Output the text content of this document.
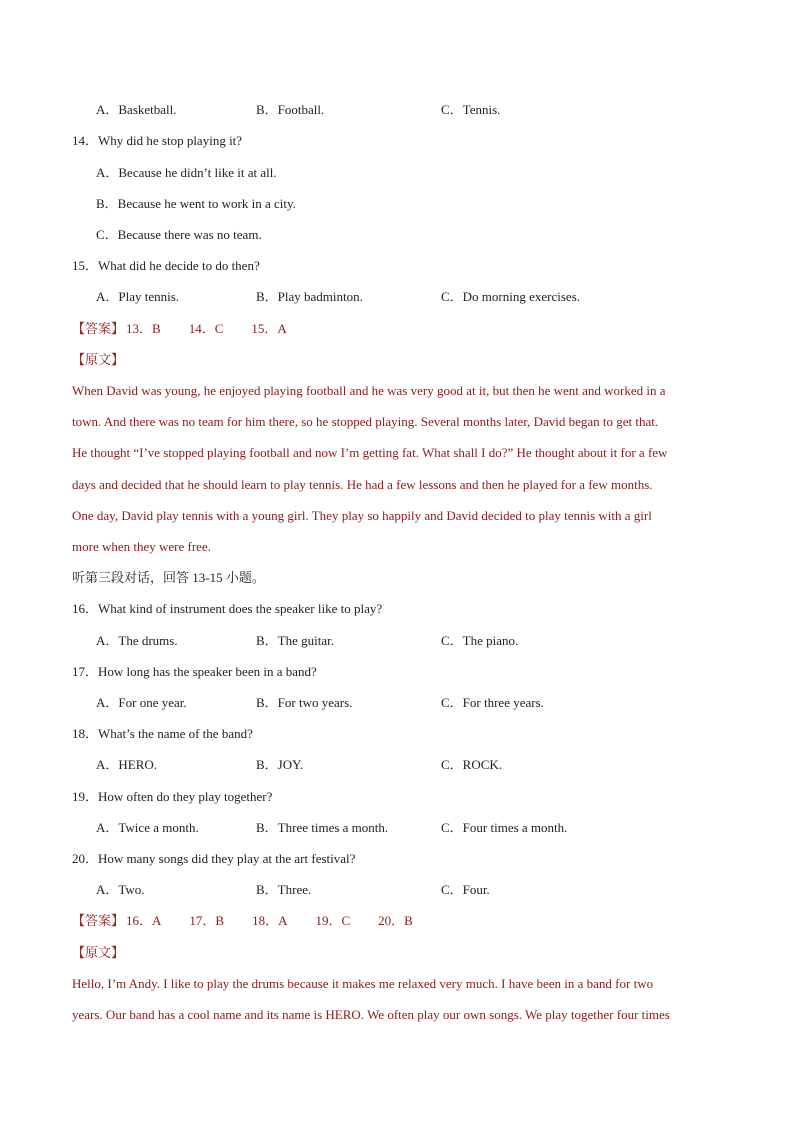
A．Basketball.	B．Football.	C．Tennis.
14．Why did he stop playing it?
A．Because he didn’t like it at all.
B．Because he went to work in a city.
C．Because there was no team.
15．What did he decide to do then?
A．Play tennis.	B．Play badminton.	C．Do morning exercises.
【答案】 13．B 14．C 15．A
【原文】
When David was young, he enjoyed playing football and he was very good at it, but then he went and worked in a
town. And there was no team for him there, so he stopped playing. Several months later, David began to get that.
He thought “I’ve stopped playing football and now I’m getting fat. What shall I do?” He thought about it for a few
days and decided that he should learn to play tennis. He had a few lessons and then he played for a few months.
One day, David play tennis with a young girl. They play so happily and David decided to play tennis with a girl
more when they were free.
听第三段对话，回答 13-15 小题。
16．What kind of instrument does the speaker like to play?
A．The drums.	B．The guitar.	C．The piano.
17．How long has the speaker been in a band?
A．For one year.	B．For two years.	C．For three years.
18．What’s the name of the band?
A．HERO.	B．JOY.	C．ROCK.
19．How often do they play together?
A．Twice a month.	B．Three times a month.	C．Four times a month.
20．How many songs did they play at the art festival?
A．Two.	B．Three.	C．Four.
【答案】 16．A 17．B 18．A 19．C 20．B
【原文】
Hello, I’m Andy. I like to play the drums because it makes me relaxed very much. I have been in a band for two
years. Our band has a cool name and its name is HERO. We often play our own songs. We play together four times
